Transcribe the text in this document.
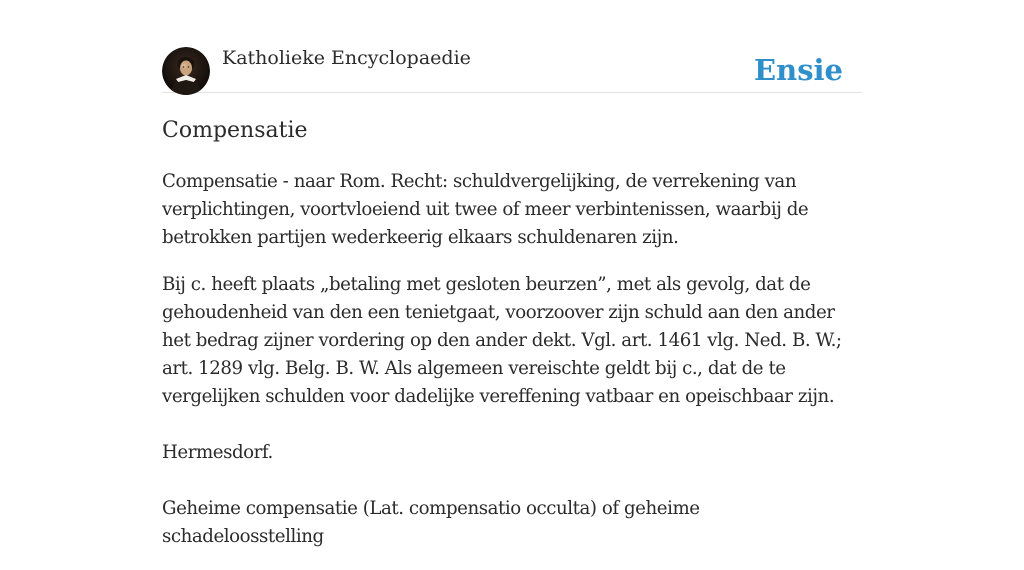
Katholieke Encyclopaedie	Ensie
Compensatie

Compensatie - naar Rom. Recht: schuldvergelijking, de verrekening van verplichtingen, voortvloeiend uit twee of meer verbintenissen, waarbij de betrokken partijen wederkeerig elkaars schuldenaren zijn.

Bij c. heeft plaats „betaling met gesloten beurzen”, met als gevolg, dat de gehoudenheid van den een tenietgaat, voorzoover zijn schuld aan den ander het bedrag zijner vordering op den ander dekt. Vgl. art. 1461 vlg. Ned. B. W.; art. 1289 vlg. Belg. B. W. Als algemeen vereischte geldt bij c., dat de te vergelijken schulden voor dadelijke vereffening vatbaar en opeischbaar zijn.

Hermesdorf.

Geheime compensatie (Lat. compensatio occulta) of geheime schadeloosstelling
